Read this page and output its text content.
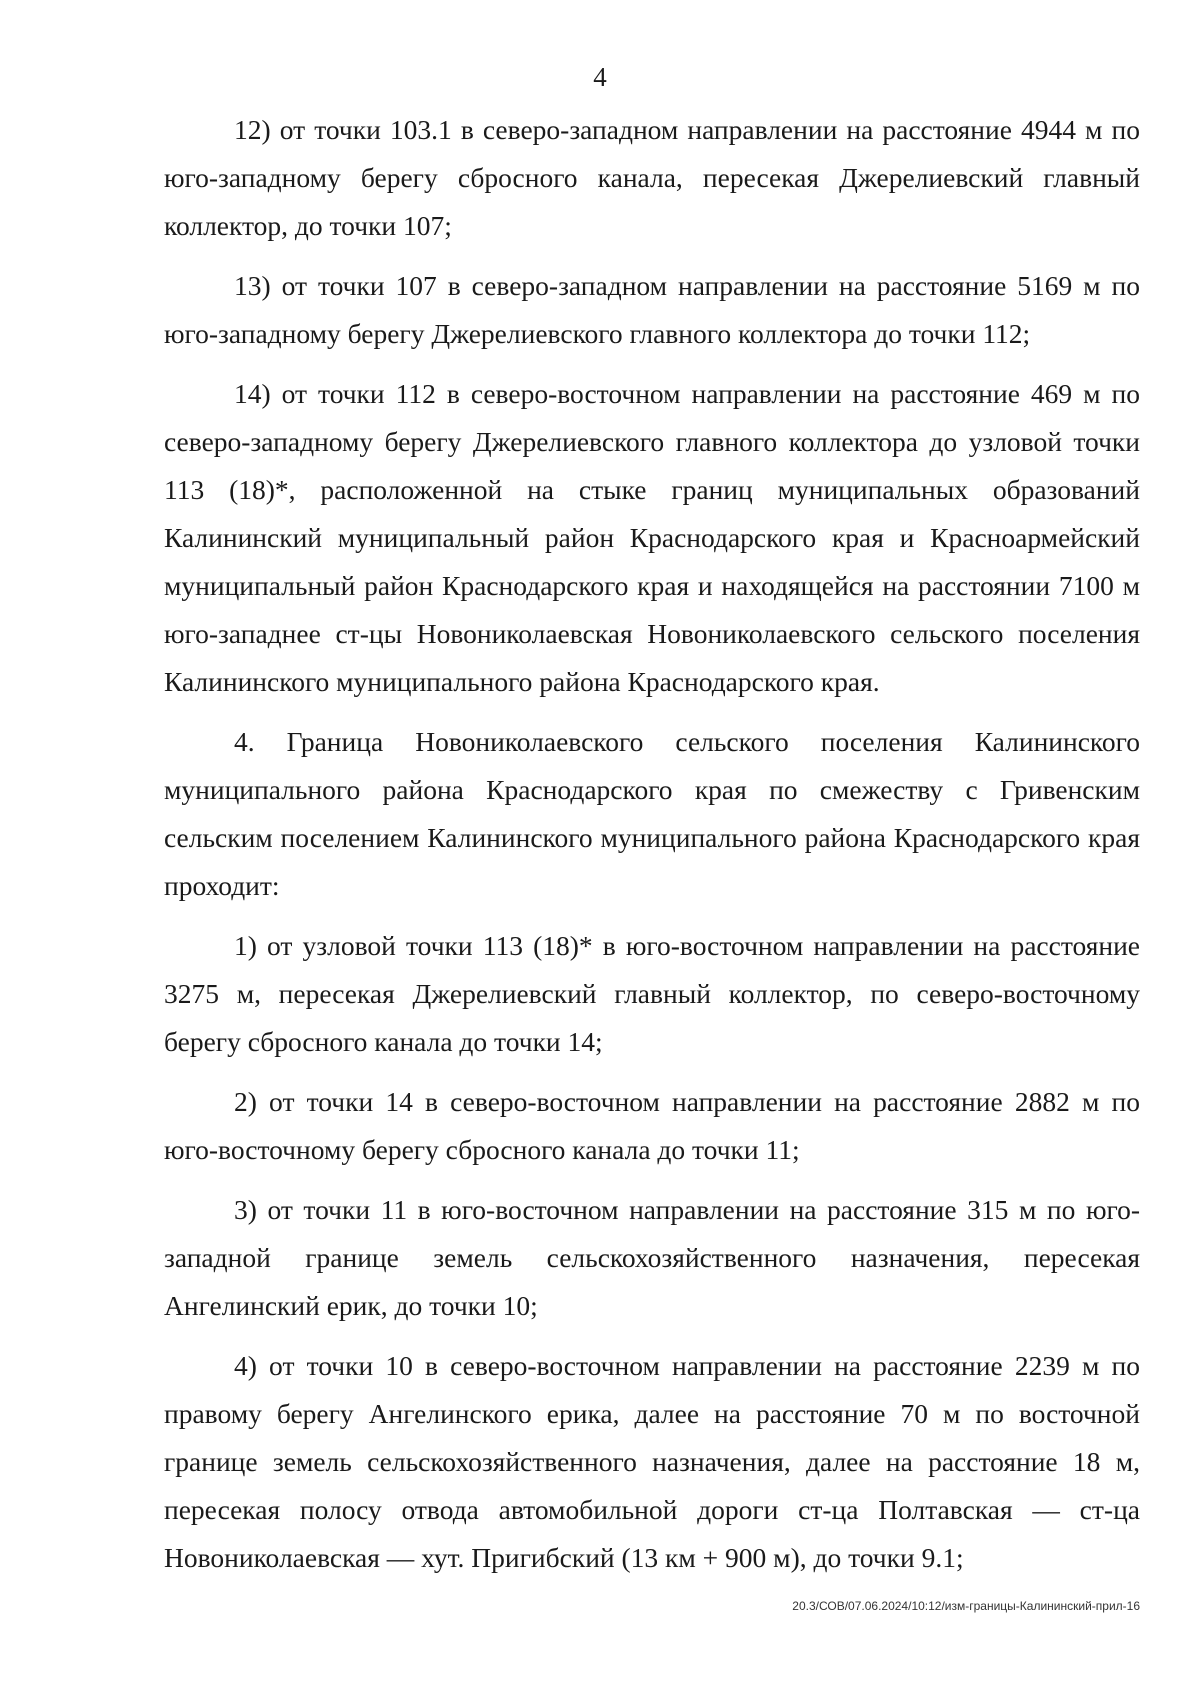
4

12) от точки 103.1 в северо-западном направлении на расстояние 4944 м по юго-западному берегу сбросного канала, пересекая Джерелиевский главный коллектор, до точки 107;

13) от точки 107 в северо-западном направлении на расстояние 5169 м по юго-западному берегу Джерелиевского главного коллектора до точки 112;

14) от точки 112 в северо-восточном направлении на расстояние 469 м по северо-западному берегу Джерелиевского главного коллектора до узловой точки 113 (18)*, расположенной на стыке границ муниципальных образований Калининский муниципальный район Краснодарского края и Красноармейский муниципальный район Краснодарского края и находящейся на расстоянии 7100 м юго-западнее ст-цы Новониколаевская Новониколаевского сельского поселения Калининского муниципального района Краснодарского края.

4. Граница Новониколаевского сельского поселения Калининского муниципального района Краснодарского края по смежеству с Гривенским сельским поселением Калининского муниципального района Краснодарского края проходит:

1) от узловой точки 113 (18)* в юго-восточном направлении на расстояние 3275 м, пересекая Джерелиевский главный коллектор, по северо-восточному берегу сбросного канала до точки 14;

2) от точки 14 в северо-восточном направлении на расстояние 2882 м по юго-восточному берегу сбросного канала до точки 11;

3) от точки 11 в юго-восточном направлении на расстояние 315 м по юго-западной границе земель сельскохозяйственного назначения, пересекая Ангелинский ерик, до точки 10;

4) от точки 10 в северо-восточном направлении на расстояние 2239 м по правому берегу Ангелинского ерика, далее на расстояние 70 м по восточной границе земель сельскохозяйственного назначения, далее на расстояние 18 м, пересекая полосу отвода автомобильной дороги ст-ца Полтавская — ст-ца Новониколаевская — хут. Пригибский (13 км + 900 м), до точки 9.1;

20.3/СОВ/07.06.2024/10:12/изм-границы-Калининский-прил-16
